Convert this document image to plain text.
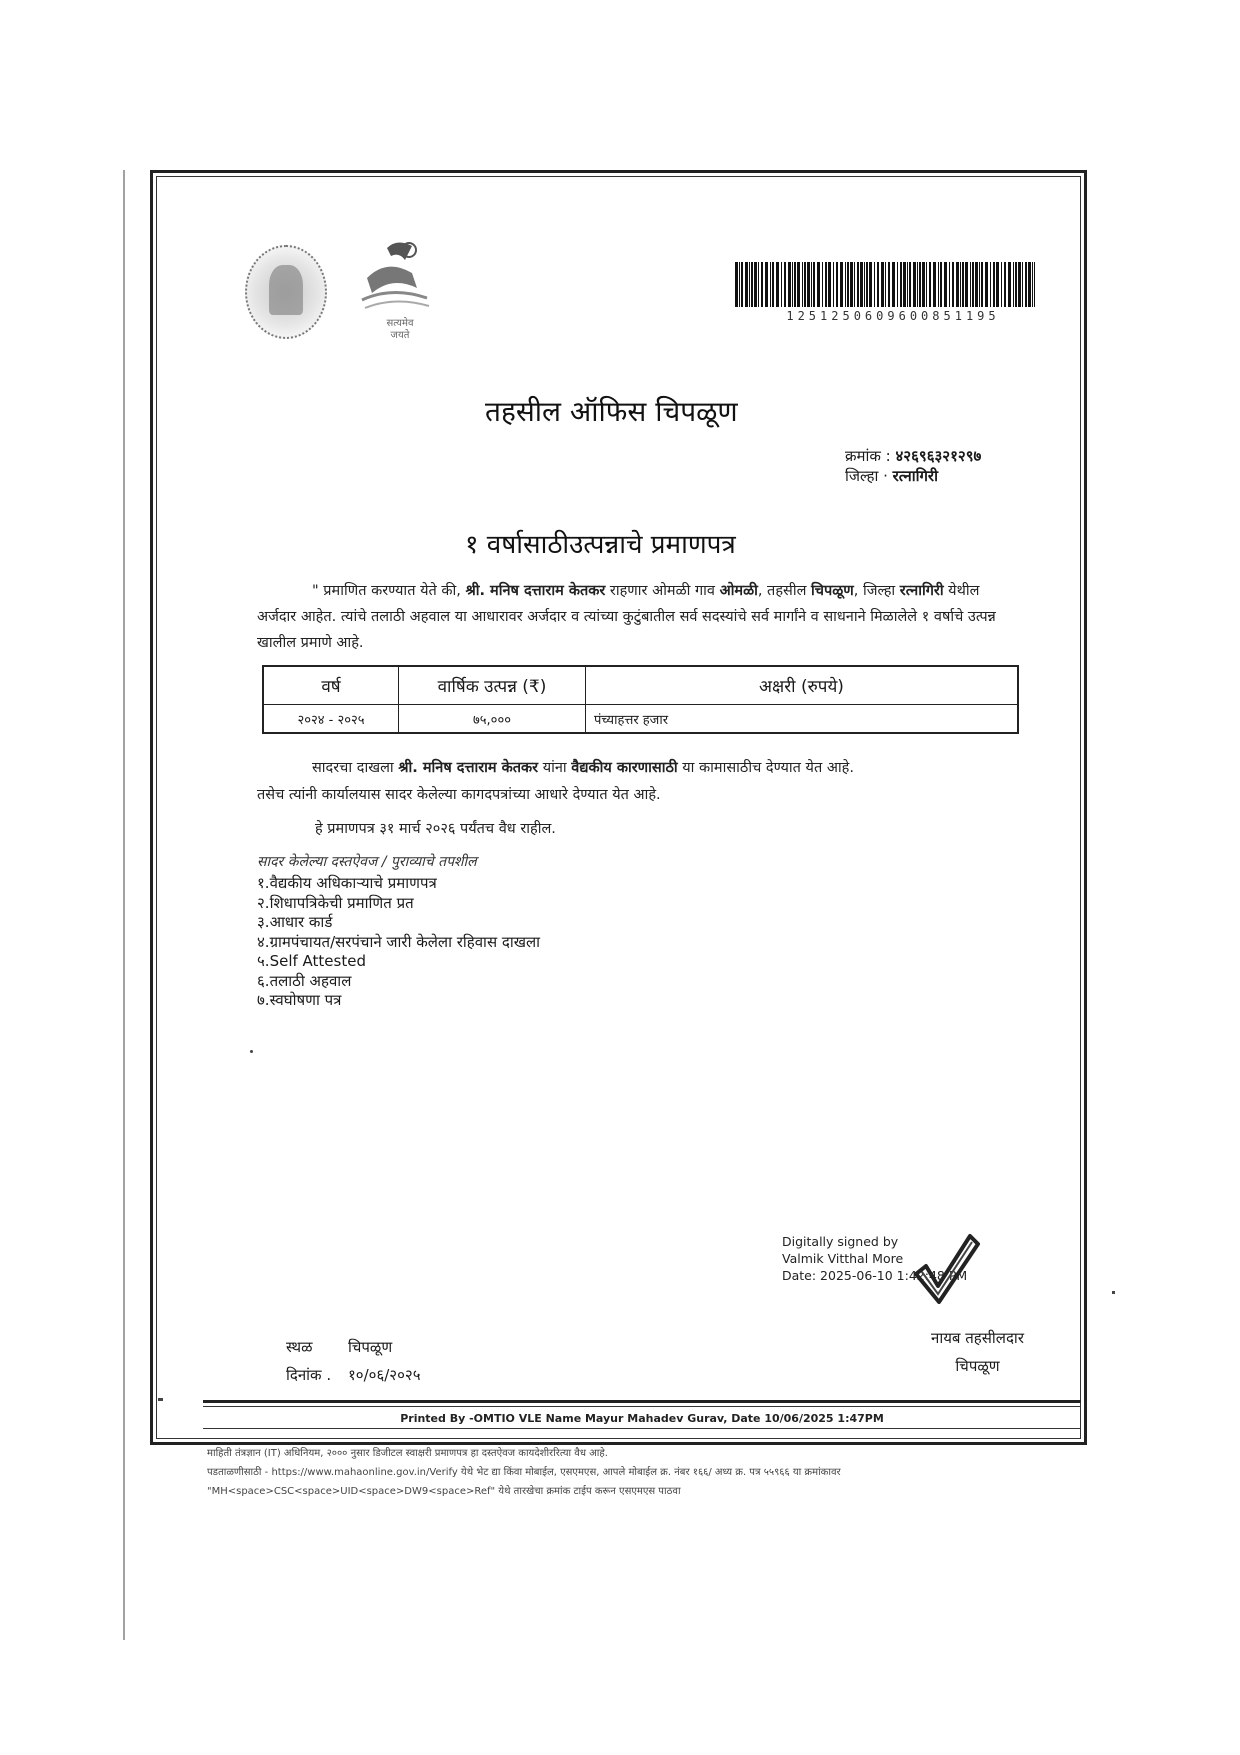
सत्यमेव
जयते
1251250609600851195
तहसील ऑफिस चिपळूण
क्रमांक : ४२६९६३२१२९७
जिल्हा · रत्नागिरी
१ वर्षासाठीउत्पन्नाचे प्रमाणपत्र
" प्रमाणित करण्यात येते की, श्री. मनिष दत्ताराम केतकर राहणार ओमळी गाव ओमळी, तहसील चिपळूण, जिल्हा रत्नागिरी येथील अर्जदार आहेत. त्यांचे तलाठी अहवाल या आधारावर अर्जदार व त्यांच्या कुटुंबातील सर्व सदस्यांचे सर्व मार्गांने व साधनाने मिळालेले १ वर्षाचे उत्पन्न खालील प्रमाणे आहे.
वर्ष	वार्षिक उत्पन्न (₹)	अक्षरी (रुपये)
२०२४ - २०२५	७५,०००	पंच्याहत्तर हजार
सादरचा दाखला श्री. मनिष दत्ताराम केतकर यांना वैद्यकीय कारणासाठी या कामासाठीच देण्यात येत आहे.
तसेच त्यांनी कार्यालयास सादर केलेल्या कागदपत्रांच्या आधारे देण्यात येत आहे.
हे प्रमाणपत्र ३१ मार्च २०२६ पर्यंतच वैध राहील.
सादर केलेल्या दस्तऐवज / पुराव्याचे तपशील
१.वैद्यकीय अधिकाऱ्याचे प्रमाणपत्र
२.शिधापत्रिकेची प्रमाणित प्रत
३.आधार कार्ड
४.ग्रामपंचायत/सरपंचाने जारी केलेला रहिवास दाखला
५.Self Attested
६.तलाठी अहवाल
७.स्वघोषणा पत्र
Digitally signed by
Valmik Vitthal More
Date: 2025-06-10 1:42:48 PM
स्थळ चिपळूण
दिनांक . १०/०६/२०२५
नायब तहसीलदार
चिपळूण
Printed By -OMTIO VLE Name Mayur Mahadev Gurav, Date 10/06/2025 1:47PM
माहिती तंत्रज्ञान (IT) अधिनियम, २००० नुसार डिजीटल स्वाक्षरी प्रमाणपत्र हा दस्तऐवज कायदेशीररित्या वैध आहे.
पडताळणीसाठी - https://www.mahaonline.gov.in/Verify येथे भेट द्या किंवा मोबाईल, एसएमएस, आपले मोबाईल क्र. नंबर १६६/ अध्य क्र. पत्र ५५९६६ या क्रमांकावर
"MH<space>CSC<space>UID<space>DW9<space>Ref" येथे तारखेचा क्रमांक टाईप करून एसएमएस पाठवा
